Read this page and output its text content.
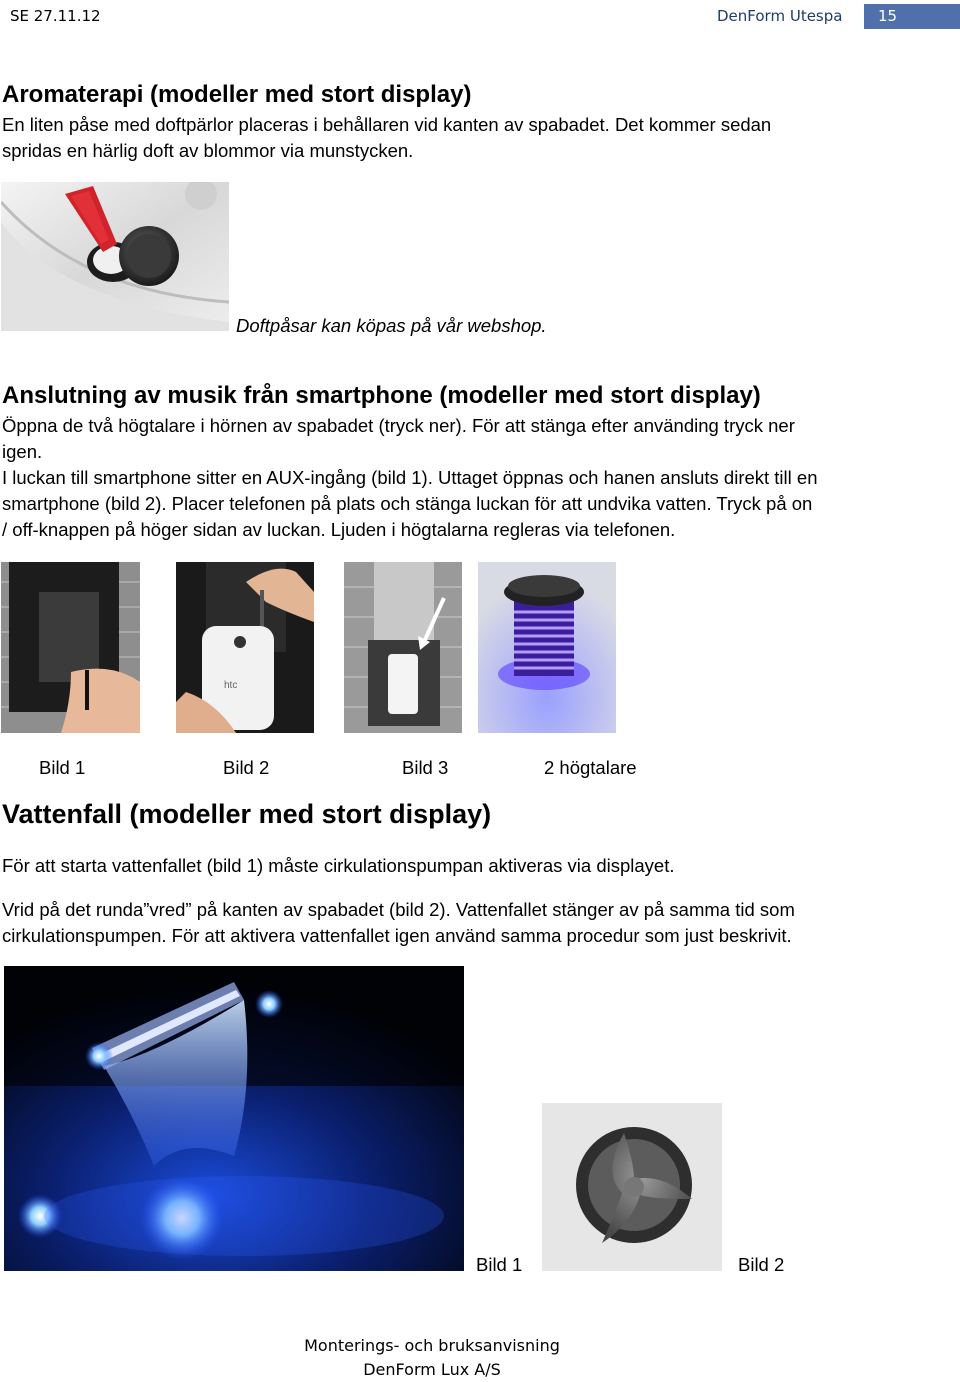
SE 27.11.12	DenForm Utespa	15
Aromaterapi (modeller med stort display)
En liten påse med doftpärlor placeras i behållaren vid kanten av spabadet. Det kommer sedan
spridas en härlig doft av blommor via munstycken.
Doftpåsar kan köpas på vår webshop.
Anslutning av musik från smartphone (modeller med stort display)
Öppna de två högtalare i hörnen av spabadet (tryck ner). För att stänga efter använding tryck ner
igen.
I luckan till smartphone sitter en AUX-ingång (bild 1). Uttaget öppnas och hanen ansluts direkt till en
smartphone (bild 2). Placer telefonen på plats och stänga luckan för att undvika vatten. Tryck på on
/ off-knappen på höger sidan av luckan. Ljuden i högtalarna regleras via telefonen.
htc
Bild 1	Bild 2	Bild 3	2 högtalare
Vattenfall (modeller med stort display)
För att starta vattenfallet (bild 1) måste cirkulationspumpan aktiveras via displayet.
Vrid på det runda”vred” på kanten av spabadet (bild 2). Vattenfallet stänger av på samma tid som
cirkulationspumpen. För att aktivera vattenfallet igen använd samma procedur som just beskrivit.
Bild 1	Bild 2
Monterings- och bruksanvisning
DenForm Lux A/S
